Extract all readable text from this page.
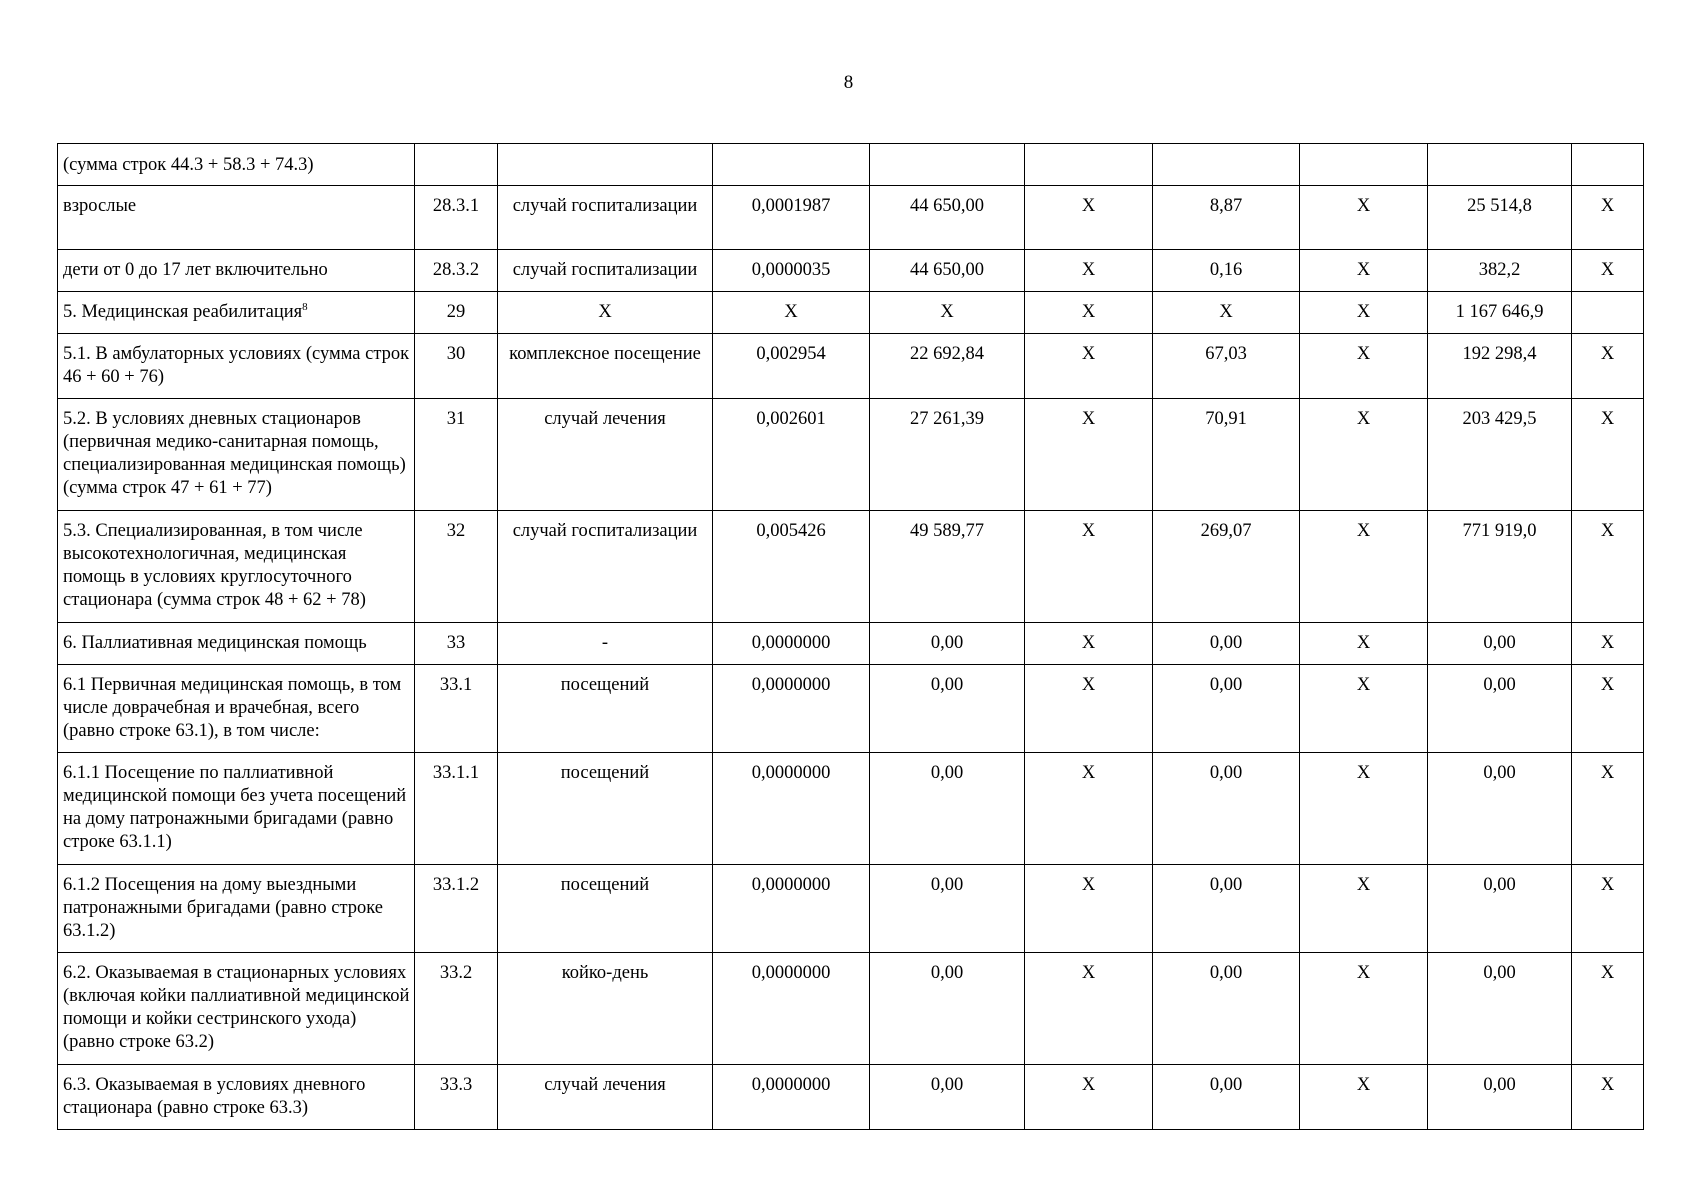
8
(сумма строк 44.3 + 58.3 + 74.3)									
взрослые	28.3.1	случай госпитализации	0,0001987	44 650,00	Х	8,87	Х	25 514,8	Х
дети от 0 до 17 лет включительно	28.3.2	случай госпитализации	0,0000035	44 650,00	Х	0,16	Х	382,2	Х
5. Медицинская реабилитация$^8$	29	Х	Х	Х	Х	Х	Х	1 167 646,9	
5.1. В амбулаторных условиях (сумма строк 46 + 60 + 76)	30	комплексное посещение	0,002954	22 692,84	Х	67,03	Х	192 298,4	Х
5.2. В условиях дневных стационаров (первичная медико-санитарная помощь, специализированная медицинская помощь) (сумма строк 47 + 61 + 77)	31	случай лечения	0,002601	27 261,39	Х	70,91	Х	203 429,5	Х
5.3. Специализированная, в том числе высокотехнологичная, медицинская помощь в условиях круглосуточного стационара (сумма строк 48 + 62 + 78)	32	случай госпитализации	0,005426	49 589,77	Х	269,07	Х	771 919,0	Х
6. Паллиативная медицинская помощь	33	-	0,0000000	0,00	Х	0,00	Х	0,00	Х
6.1 Первичная медицинская помощь, в том числе доврачебная и врачебная, всего (равно строке 63.1), в том числе:	33.1	посещений	0,0000000	0,00	Х	0,00	Х	0,00	Х
6.1.1 Посещение по паллиативной медицинской помощи без учета посещений на дому патронажными бригадами (равно строке 63.1.1)	33.1.1	посещений	0,0000000	0,00	Х	0,00	Х	0,00	Х
6.1.2 Посещения на дому выездными патронажными бригадами (равно строке 63.1.2)	33.1.2	посещений	0,0000000	0,00	Х	0,00	Х	0,00	Х
6.2. Оказываемая в стационарных условиях (включая койки паллиативной медицинской помощи и койки сестринского ухода) (равно строке 63.2)	33.2	койко-день	0,0000000	0,00	Х	0,00	Х	0,00	Х
6.3. Оказываемая в условиях дневного стационара (равно строке 63.3)	33.3	случай лечения	0,0000000	0,00	Х	0,00	Х	0,00	Х
